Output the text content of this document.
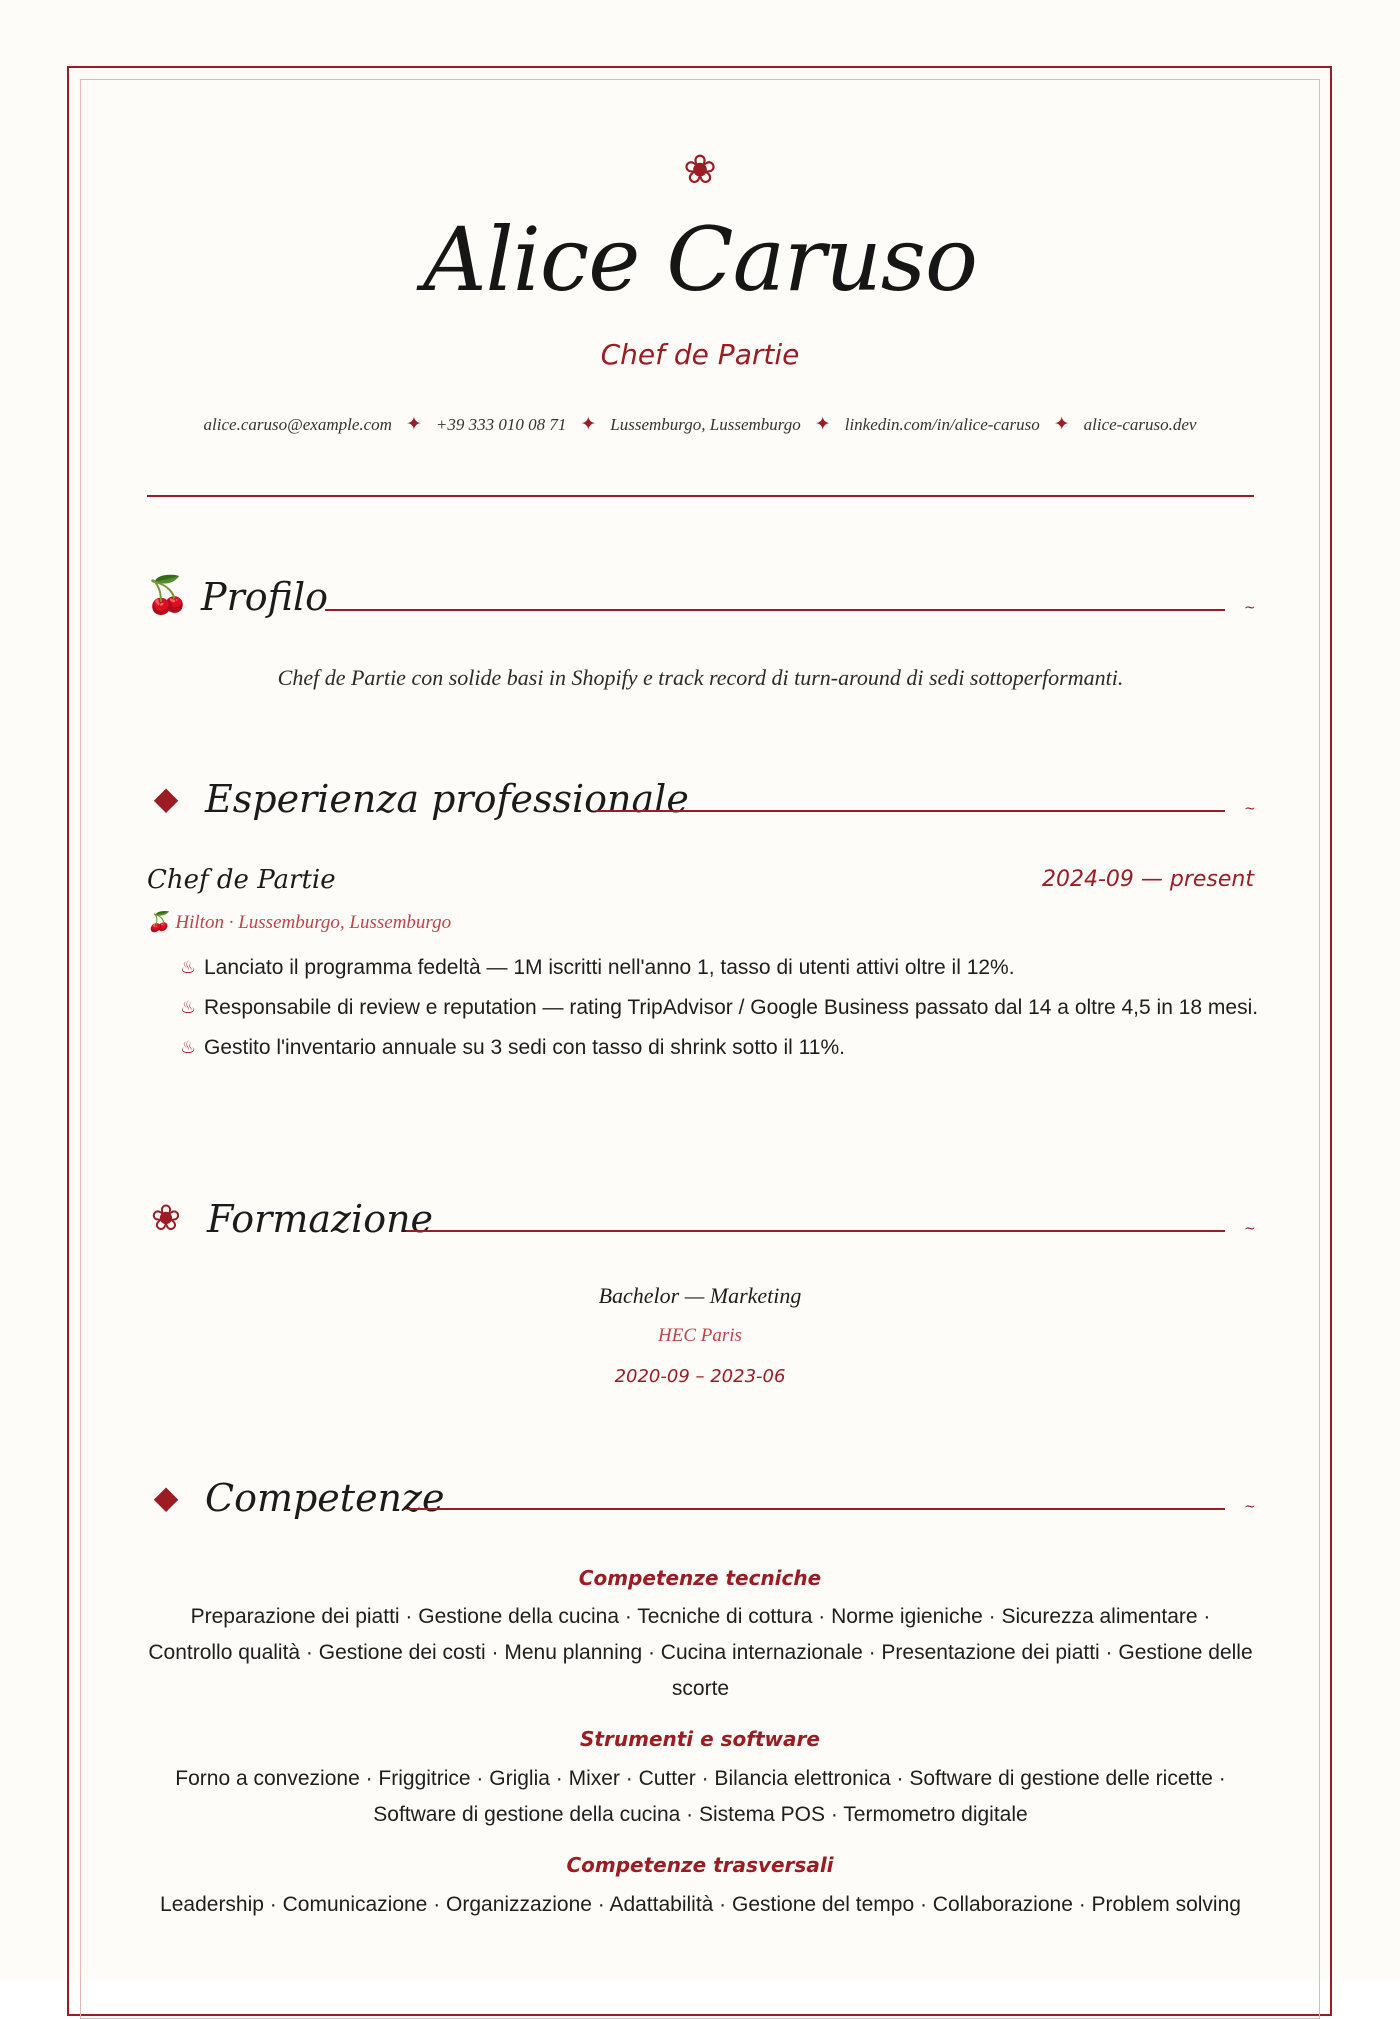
❀
Alice Caruso
Chef de Partie
alice.caruso@example.com ✦ +39 333 010 08 71 ✦ Lussemburgo, Lussemburgo ✦ linkedin.com/in/alice-caruso ✦ alice-caruso.dev
🍒 Profilo	~
Chef de Partie con solide basi in Shopify e track record di turn-around di sedi sottoperformanti.
◆ Esperienza professionale	~
Chef de Partie	2024-09 — present
🍒 Hilton · Lussemburgo, Lussemburgo
♨ Lanciato il programma fedeltà — 1M iscritti nell'anno 1, tasso di utenti attivi oltre il 12%.
♨ Responsabile di review e reputation — rating TripAdvisor / Google Business passato dal 14 a oltre 4,5 in 18 mesi.
♨ Gestito l'inventario annuale su 3 sedi con tasso di shrink sotto il 11%.
❀ Formazione	~
Bachelor — Marketing
HEC Paris
2020-09 – 2023-06
◆ Competenze	~
Competenze tecniche
Preparazione dei piatti · Gestione della cucina · Tecniche di cottura · Norme igieniche · Sicurezza alimentare · Controllo qualità · Gestione dei costi · Menu planning · Cucina internazionale · Presentazione dei piatti · Gestione delle scorte
Strumenti e software
Forno a convezione · Friggitrice · Griglia · Mixer · Cutter · Bilancia elettronica · Software di gestione delle ricette · Software di gestione della cucina · Sistema POS · Termometro digitale
Competenze trasversali
Leadership · Comunicazione · Organizzazione · Adattabilità · Gestione del tempo · Collaborazione · Problem solving
